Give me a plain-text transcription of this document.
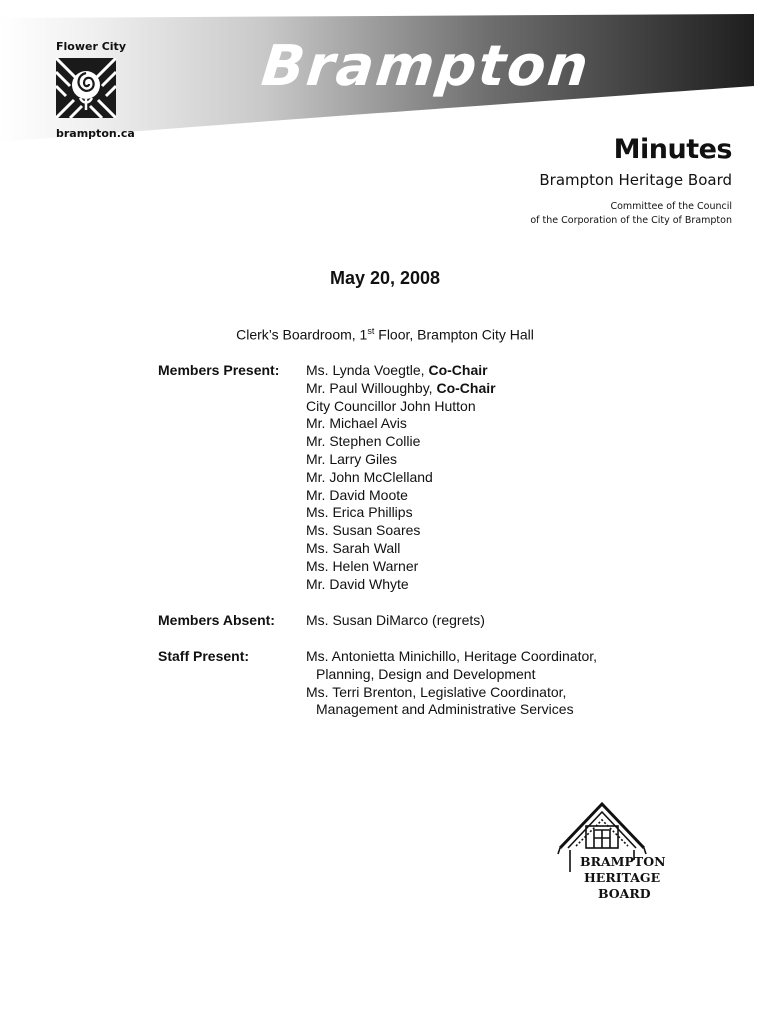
Flower City
brampton.ca
Brampton
Minutes
Brampton Heritage Board
Committee of the Council
of the Corporation of the City of Brampton
May 20, 2008
Clerk’s Boardroom, 1st Floor, Brampton City Hall
Members Present:	Ms. Lynda Voegtle, Co-Chair
Mr. Paul Willoughby, Co-Chair
City Councillor John Hutton
Mr. Michael Avis
Mr. Stephen Collie
Mr. Larry Giles
Mr. John McClelland
Mr. David Moote
Ms. Erica Phillips
Ms. Susan Soares
Ms. Sarah Wall
Ms. Helen Warner
Mr. David Whyte
Members Absent:	Ms. Susan DiMarco (regrets)
Staff Present:	Ms. Antonietta Minichillo, Heritage Coordinator,
Planning, Design and Development
Ms. Terri Brenton, Legislative Coordinator,
Management and Administrative Services
BRAMPTON
HERITAGE
BOARD
